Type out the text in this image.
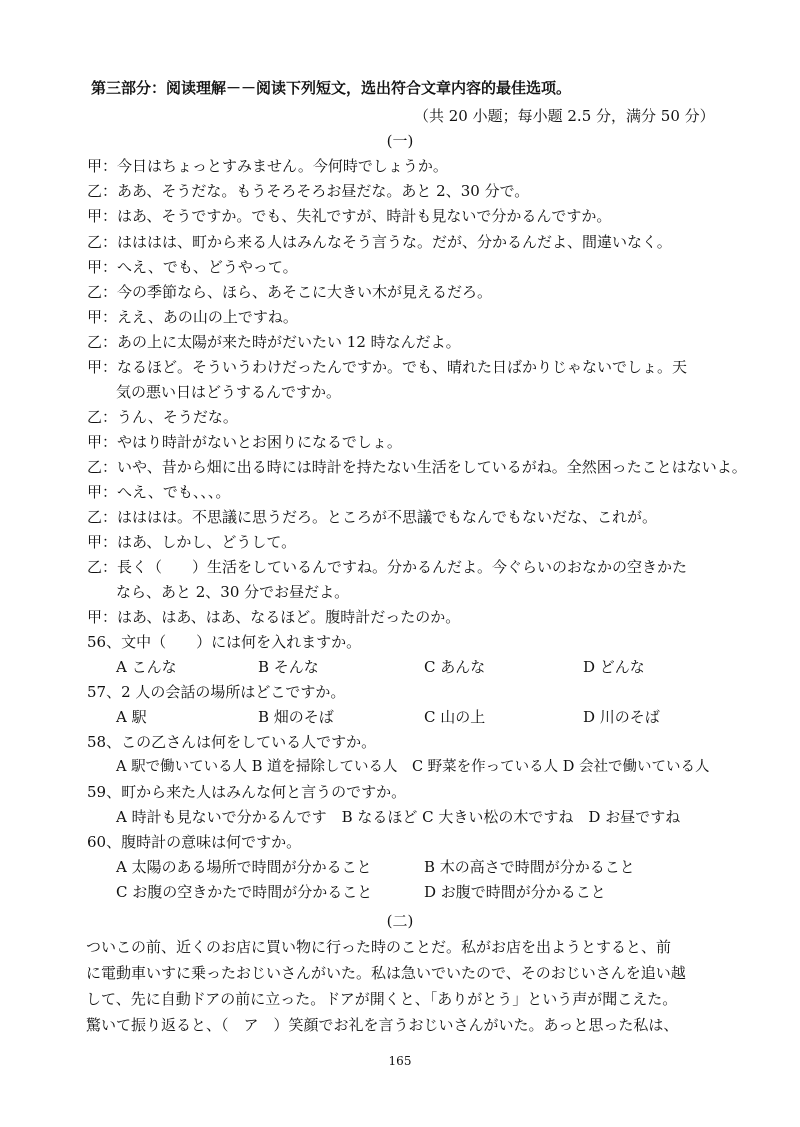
第三部分：阅读理解－－阅读下列短文，选出符合文章内容的最佳选项。
（共 20 小题；每小题 2.5 分，满分 50 分）
(一)
甲：今日はちょっとすみません。今何時でしょうか。
乙：ああ、そうだな。もうそろそろお昼だな。あと 2、30 分で。
甲：はあ、そうですか。でも、失礼ですが、時計も見ないで分かるんですか。
乙：はははは、町から来る人はみんなそう言うな。だが、分かるんだよ、間違いなく。
甲：へえ、でも、どうやって。
乙：今の季節なら、ほら、あそこに大きい木が見えるだろ。
甲：ええ、あの山の上ですね。
乙：あの上に太陽が来た時がだいたい 12 時なんだよ。
甲：なるほど。そういうわけだったんですか。でも、晴れた日ばかりじゃないでしょ。天
気の悪い日はどうするんですか。
乙：うん、そうだな。
甲：やはり時計がないとお困りになるでしょ。
乙：いや、昔から畑に出る時には時計を持たない生活をしているがね。全然困ったことはないよ。
甲：へえ、でも、、、。
乙：はははは。不思議に思うだろ。ところが不思議でもなんでもないだな、これが。
甲：はあ、しかし、どうして。
乙：長く（　　）生活をしているんですね。分かるんだよ。今ぐらいのおなかの空きかた
なら、あと 2、30 分でお昼だよ。
甲：はあ、はあ、はあ、なるほど。腹時計だったのか。
56、文中（　　）には何を入れますか。
A こんな	B そんな	C あんな	D どんな
57、2 人の会話の場所はどこですか。
A 駅	B 畑のそば	C 山の上	D 川のそば
58、この乙さんは何をしている人ですか。
A 駅で働いている人 B 道を掃除している人　C 野菜を作っている人 D 会社で働いている人
59、町から来た人はみんな何と言うのですか。
A 時計も見ないで分かるんです　B なるほど C 大きい松の木ですね　D お昼ですね
60、腹時計の意味は何ですか。
A 太陽のある場所で時間が分かること	B 木の高さで時間が分かること
C お腹の空きかたで時間が分かること	D お腹で時間が分かること
(二)
ついこの前、近くのお店に買い物に行った時のことだ。私がお店を出ようとすると、前
に電動車いすに乗ったおじいさんがいた。私は急いでいたので、そのおじいさんを追い越
して、先に自動ドアの前に立った。ドアが開くと、「ありがとう」という声が聞こえた。
驚いて振り返ると、（　ア　）笑顔でお礼を言うおじいさんがいた。あっと思った私は、
165
